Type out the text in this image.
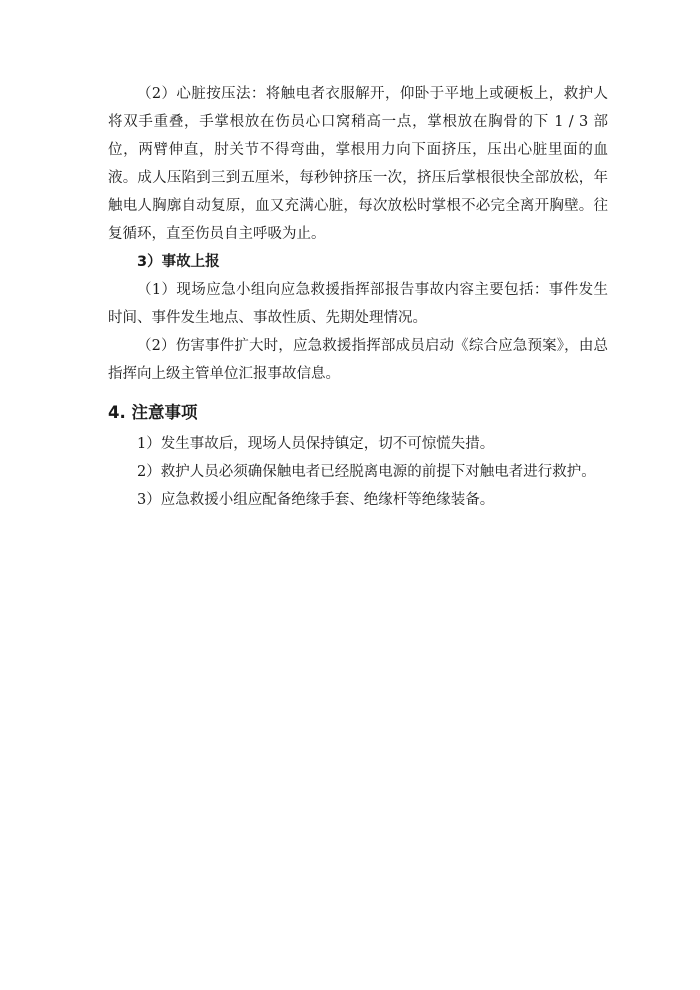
（2）心脏按压法：将触电者衣服解开，仰卧于平地上或硬板上，救护人将双手重叠，手掌根放在伤员心口窝稍高一点，掌根放在胸骨的下 1 / 3 部位，两臂伸直，肘关节不得弯曲，掌根用力向下面挤压，压出心脏里面的血液。成人压陷到三到五厘米，每秒钟挤压一次，挤压后掌根很快全部放松，年触电人胸廓自动复原，血又充满心脏，每次放松时掌根不必完全离开胸壁。往复循环，直至伤员自主呼吸为止。

3）事故上报

（1）现场应急小组向应急救援指挥部报告事故内容主要包括：事件发生时间、事件发生地点、事故性质、先期处理情况。

（2）伤害事件扩大时，应急救援指挥部成员启动《综合应急预案》，由总指挥向上级主管单位汇报事故信息。

4. 注意事项

1）发生事故后，现场人员保持镇定，切不可惊慌失措。

2）救护人员必须确保触电者已经脱离电源的前提下对触电者进行救护。

3）应急救援小组应配备绝缘手套、绝缘杆等绝缘装备。
